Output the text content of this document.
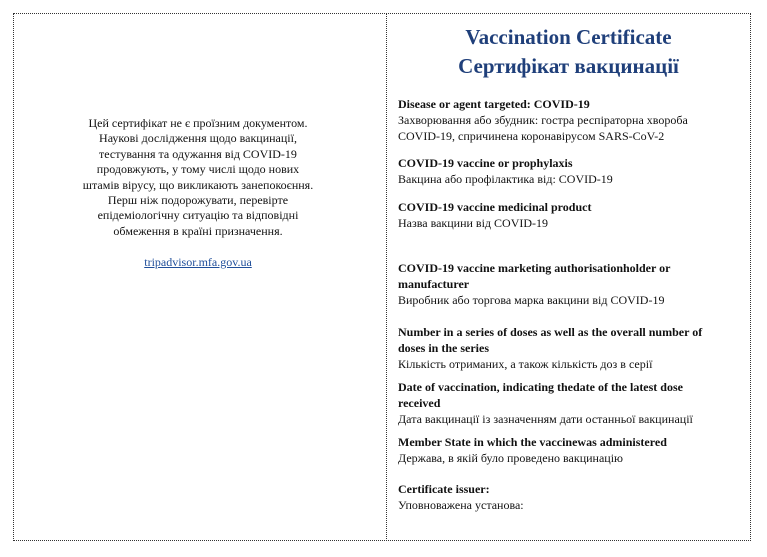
Цей сертифікат не є проїзним документом.
Наукові дослідження щодо вакцинації,
тестування та одужання від COVID-19
продовжують, у тому числі щодо нових
штамів вірусу, що викликають занепокоєння.
Перш ніж подорожувати, перевірте
епідеміологічну ситуацію та відповідні
обмеження в країні призначення.
tripadvisor.mfa.gov.ua
Vaccination Certificate
Сертифікат вакцинації
Disease or agent targeted: COVID-19
Захворювання або збудник: гостра респіраторна хвороба
COVID-19, спричинена коронавірусом SARS-CoV-2
COVID-19 vaccine or prophylaxis
Вакцина або профілактика від: COVID-19
COVID-19 vaccine medicinal product
Назва вакцини від COVID-19
COVID-19 vaccine marketing authorisationholder or
manufacturer
Виробник або торгова марка вакцини від COVID-19
Number in a series of doses as well as the overall number of
doses in the series
Кількість отриманих, а також кількість доз в серії
Date of vaccination, indicating thedate of the latest dose
received
Дата вакцинації із зазначенням дати останньої вакцинації
Member State in which the vaccinewas administered
Держава, в якій було проведено вакцинацію
Certificate issuer:
Уповноважена установа:
